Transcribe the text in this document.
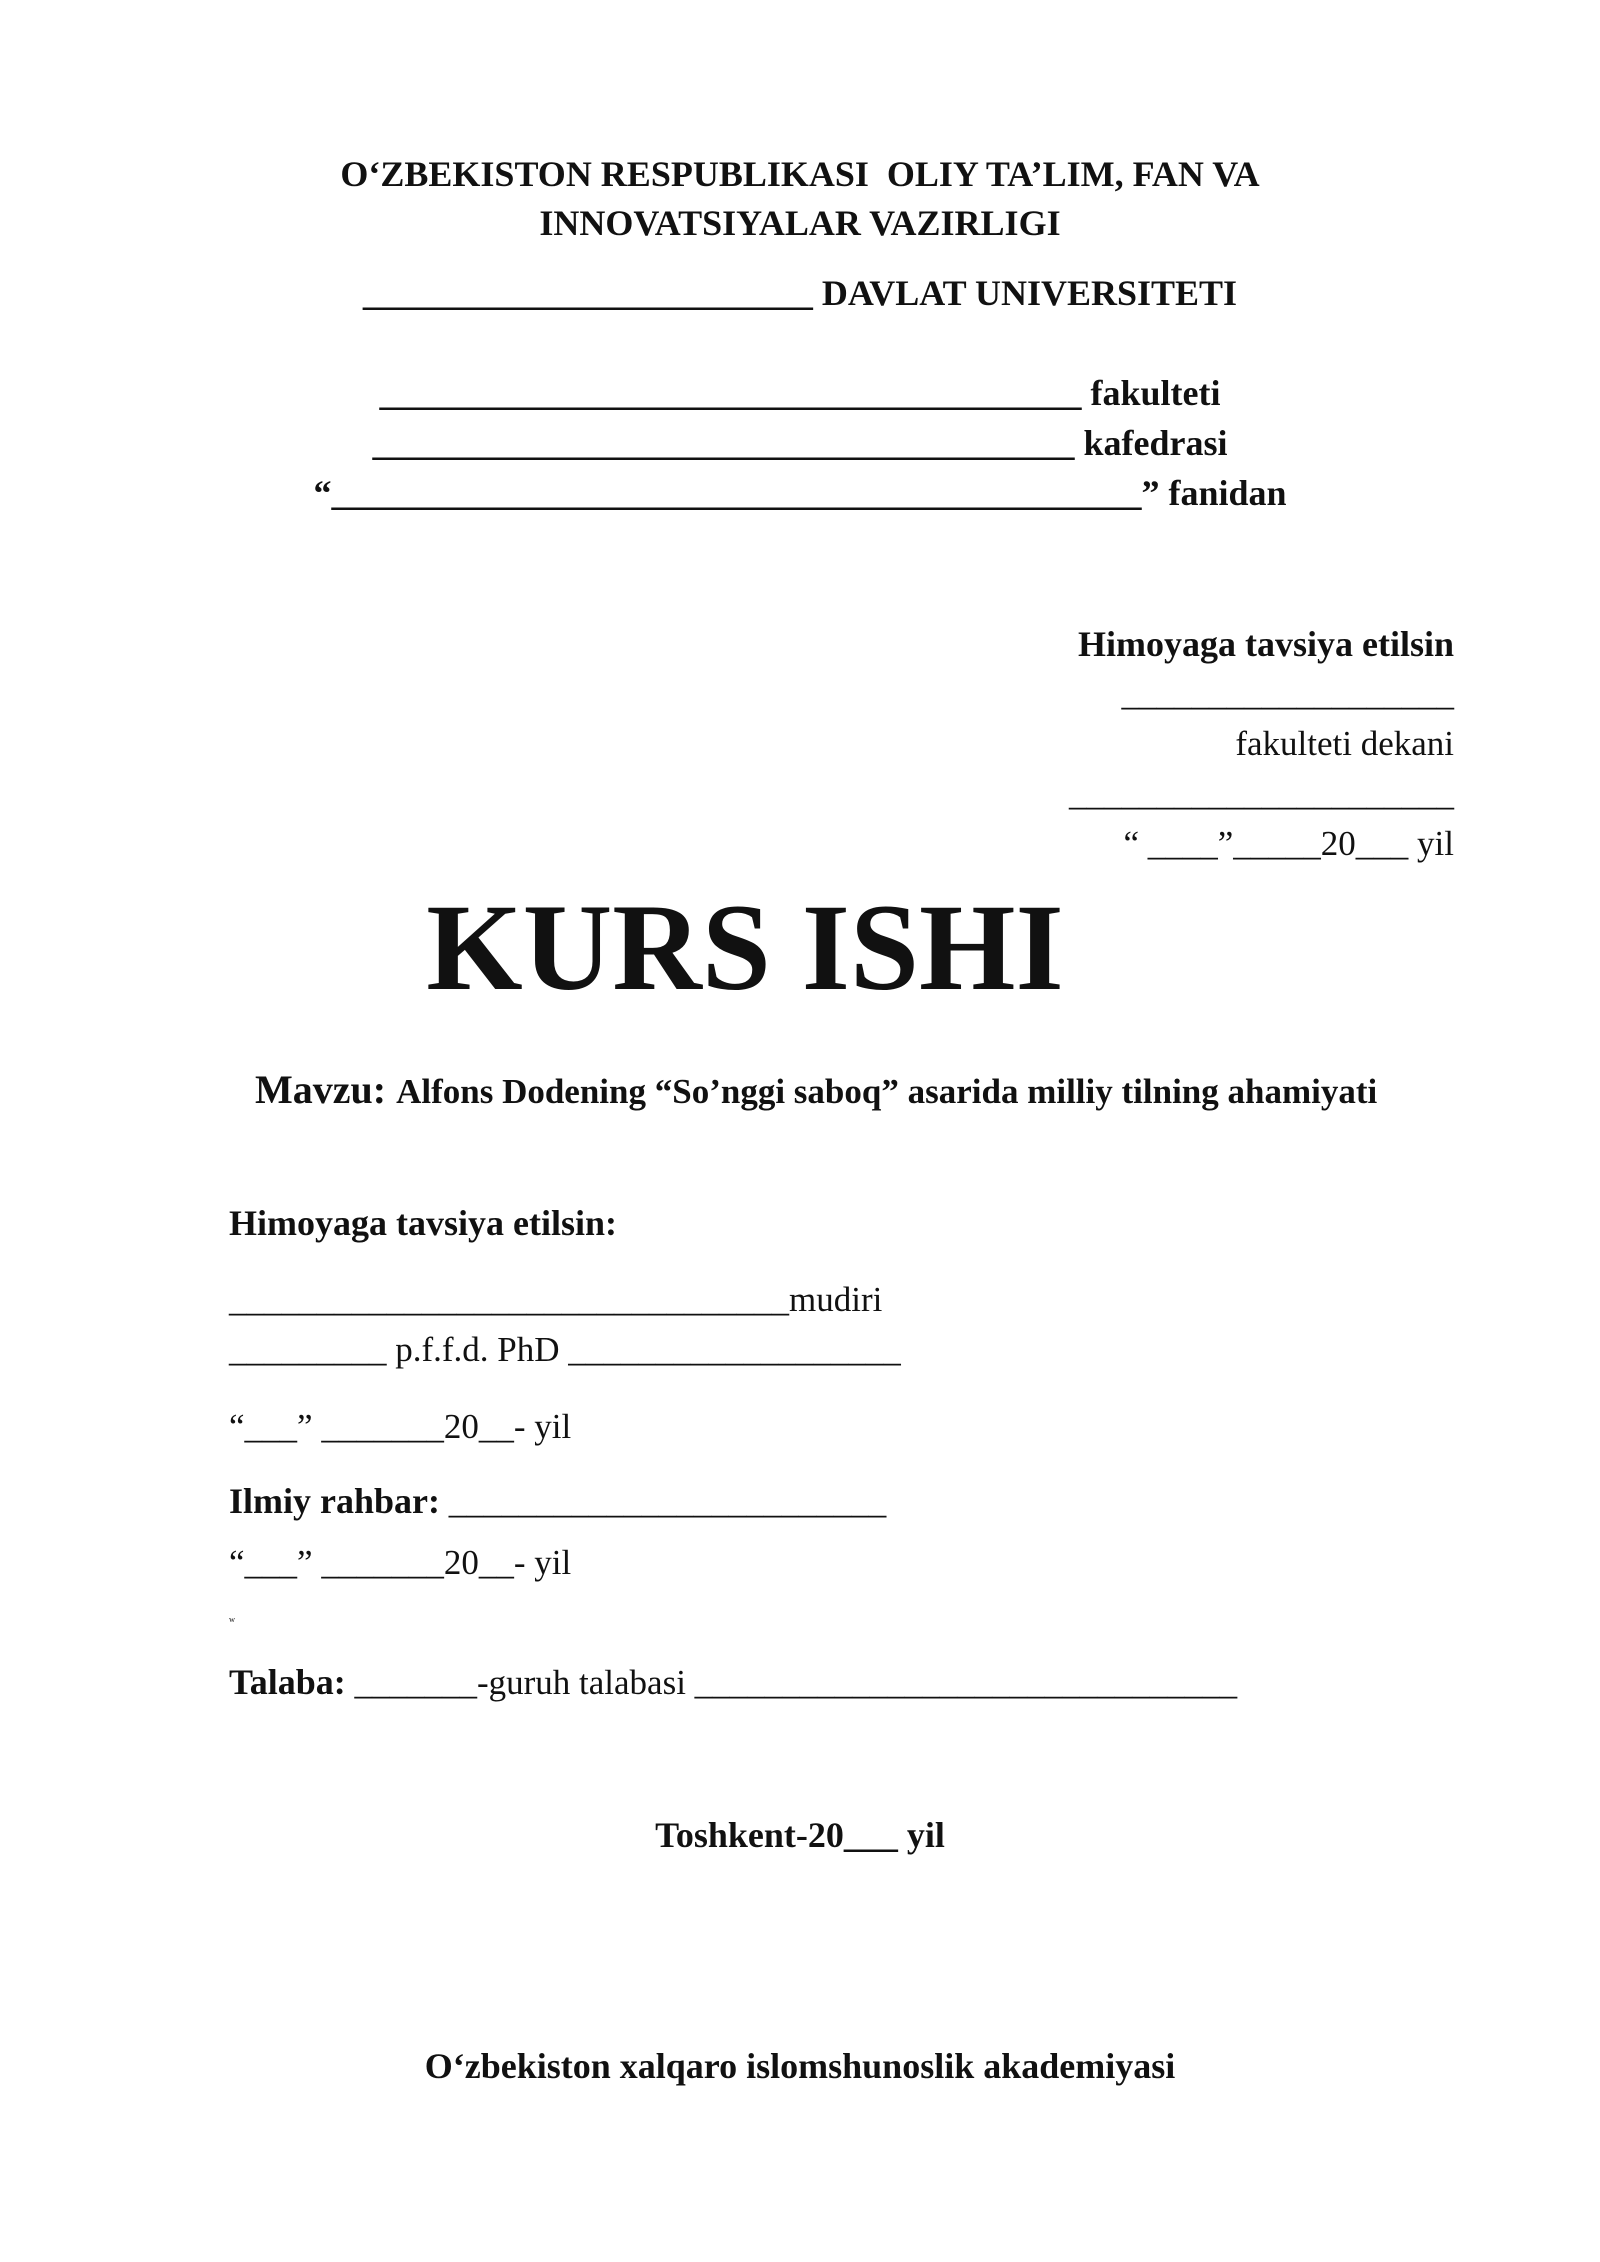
O‘ZBEKISTON RESPUBLIKASI  OLIY TA’LIM, FAN VA
INNOVATSIYALAR VAZIRLIGI
_________________________ DAVLAT UNIVERSITETI
_______________________________________ fakulteti
_______________________________________ kafedrasi
“_____________________________________________” fanidan
Himoyaga tavsiya etilsin
___________________
fakulteti dekani
______________________
“ ____”_____20___ yil
KURS ISHI
Mavzu: Alfons Dodening “So’nggi saboq” asarida milliy tilning ahamiyati
Himoyaga tavsiya etilsin:
________________________________mudiri
_________ p.f.f.d. PhD ___________________
“___” _______20__- yil
Ilmiy rahbar: _________________________
“___” _______20__- yil
ʷ
Talaba: _______-guruh talabasi _______________________________
Toshkent-20___ yil
O‘zbekiston xalqaro islomshunoslik akademiyasi
